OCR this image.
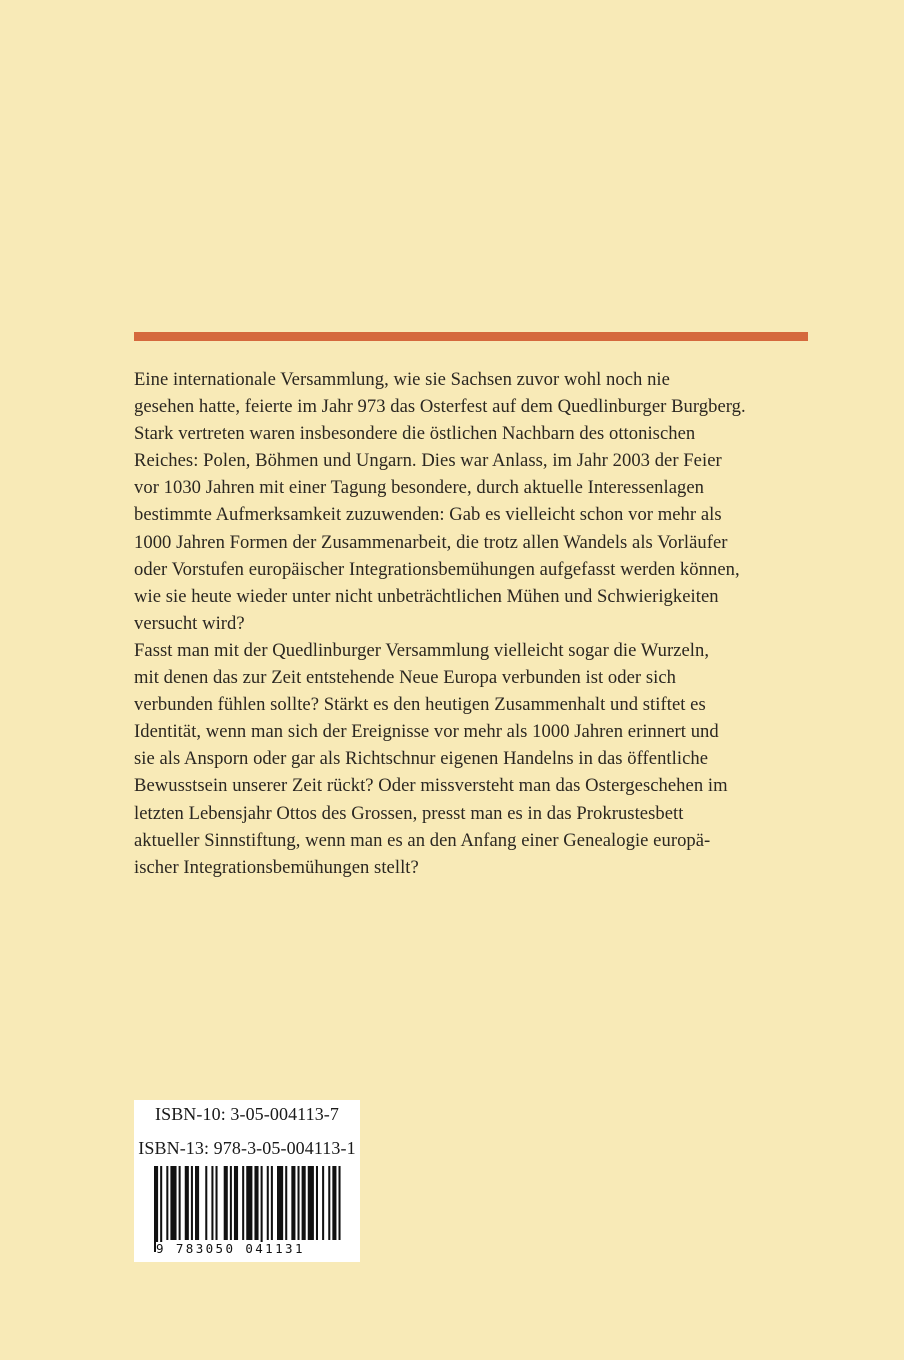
Eine internationale Versammlung, wie sie Sachsen zuvor wohl noch nie
gesehen hatte, feierte im Jahr 973 das Osterfest auf dem Quedlinburger Burgberg.
Stark vertreten waren insbesondere die östlichen Nachbarn des ottonischen
Reiches: Polen, Böhmen und Ungarn. Dies war Anlass, im Jahr 2003 der Feier
vor 1030 Jahren mit einer Tagung besondere, durch aktuelle Interessenlagen
bestimmte Aufmerksamkeit zuzuwenden: Gab es vielleicht schon vor mehr als
1000 Jahren Formen der Zusammenarbeit, die trotz allen Wandels als Vorläufer
oder Vorstufen europäischer Integrationsbemühungen aufgefasst werden können,
wie sie heute wieder unter nicht unbeträchtlichen Mühen und Schwierigkeiten
versucht wird?
Fasst man mit der Quedlinburger Versammlung vielleicht sogar die Wurzeln,
mit denen das zur Zeit entstehende Neue Europa verbunden ist oder sich
verbunden fühlen sollte? Stärkt es den heutigen Zusammenhalt und stiftet es
Identität, wenn man sich der Ereignisse vor mehr als 1000 Jahren erinnert und
sie als Ansporn oder gar als Richtschnur eigenen Handelns in das öffentliche
Bewusstsein unserer Zeit rückt? Oder missversteht man das Ostergeschehen im
letzten Lebensjahr Ottos des Grossen, presst man es in das Prokrustesbett
aktueller Sinnstiftung, wenn man es an den Anfang einer Genealogie europä-
ischer Integrationsbemühungen stellt?
ISBN-10: 3-05-004113-7
ISBN-13: 978-3-05-004113-1
9 783050 041131
